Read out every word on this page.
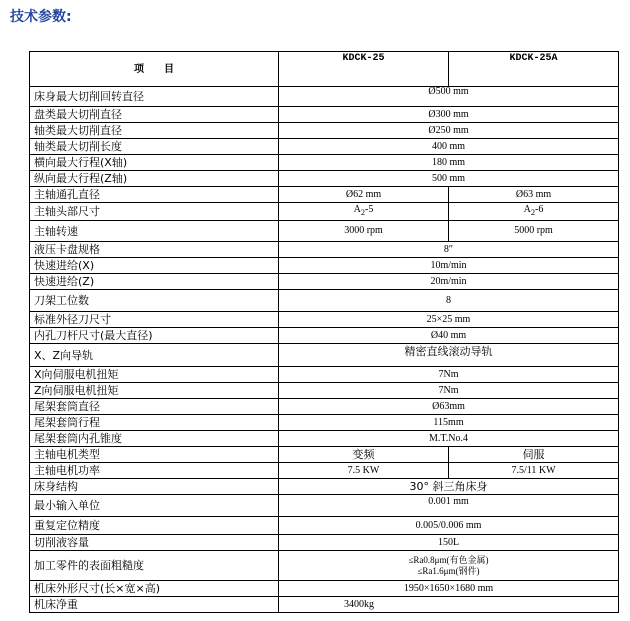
技术参数:
项　　目	KDCK-25	KDCK-25A
床身最大切削回转直径	Ø500 mm	
盘类最大切削直径	Ø300 mm	
轴类最大切削直径	Ø250 mm	
轴类最大切削长度	400 mm	
横向最大行程(X轴)	180 mm	
纵向最大行程(Z轴)	500 mm	
主轴通孔直径	Ø62 mm	Ø63 mm
主轴头部尺寸	$A_2-5$	$A_2-6$
主轴转速	3000 rpm	5000 rpm
液压卡盘规格	8″	
快速进给(X)	10m/min	
快速进给(Z)	20m/min	
刀架工位数	8	
标准外径刀尺寸	25×25 mm	
内孔刀杆尺寸(最大直径)	Ø40 mm	
X、Z向导轨	精密直线滚动导轨	
X向伺服电机扭矩	7Nm	
Z向伺服电机扭矩	7Nm	
尾架套筒直径	Ø63mm	
尾架套筒行程	115mm	
尾架套筒内孔锥度	M.T.No.4	
主轴电机类型	变频	伺服
主轴电机功率	7.5 KW	7.5/11 KW
床身结构	30° 斜三角床身	
最小输入单位	0.001 mm	
重复定位精度	0.005/0.006 mm	
切削液容量	150L	
加工零件的表面粗糙度	≤Ra0.8μm(有色金属)
≤Ra1.6μm(钢件)	

机床外形尺寸(长×宽×高)	1950×1650×1680 mm	
机床净重	3400kg	
